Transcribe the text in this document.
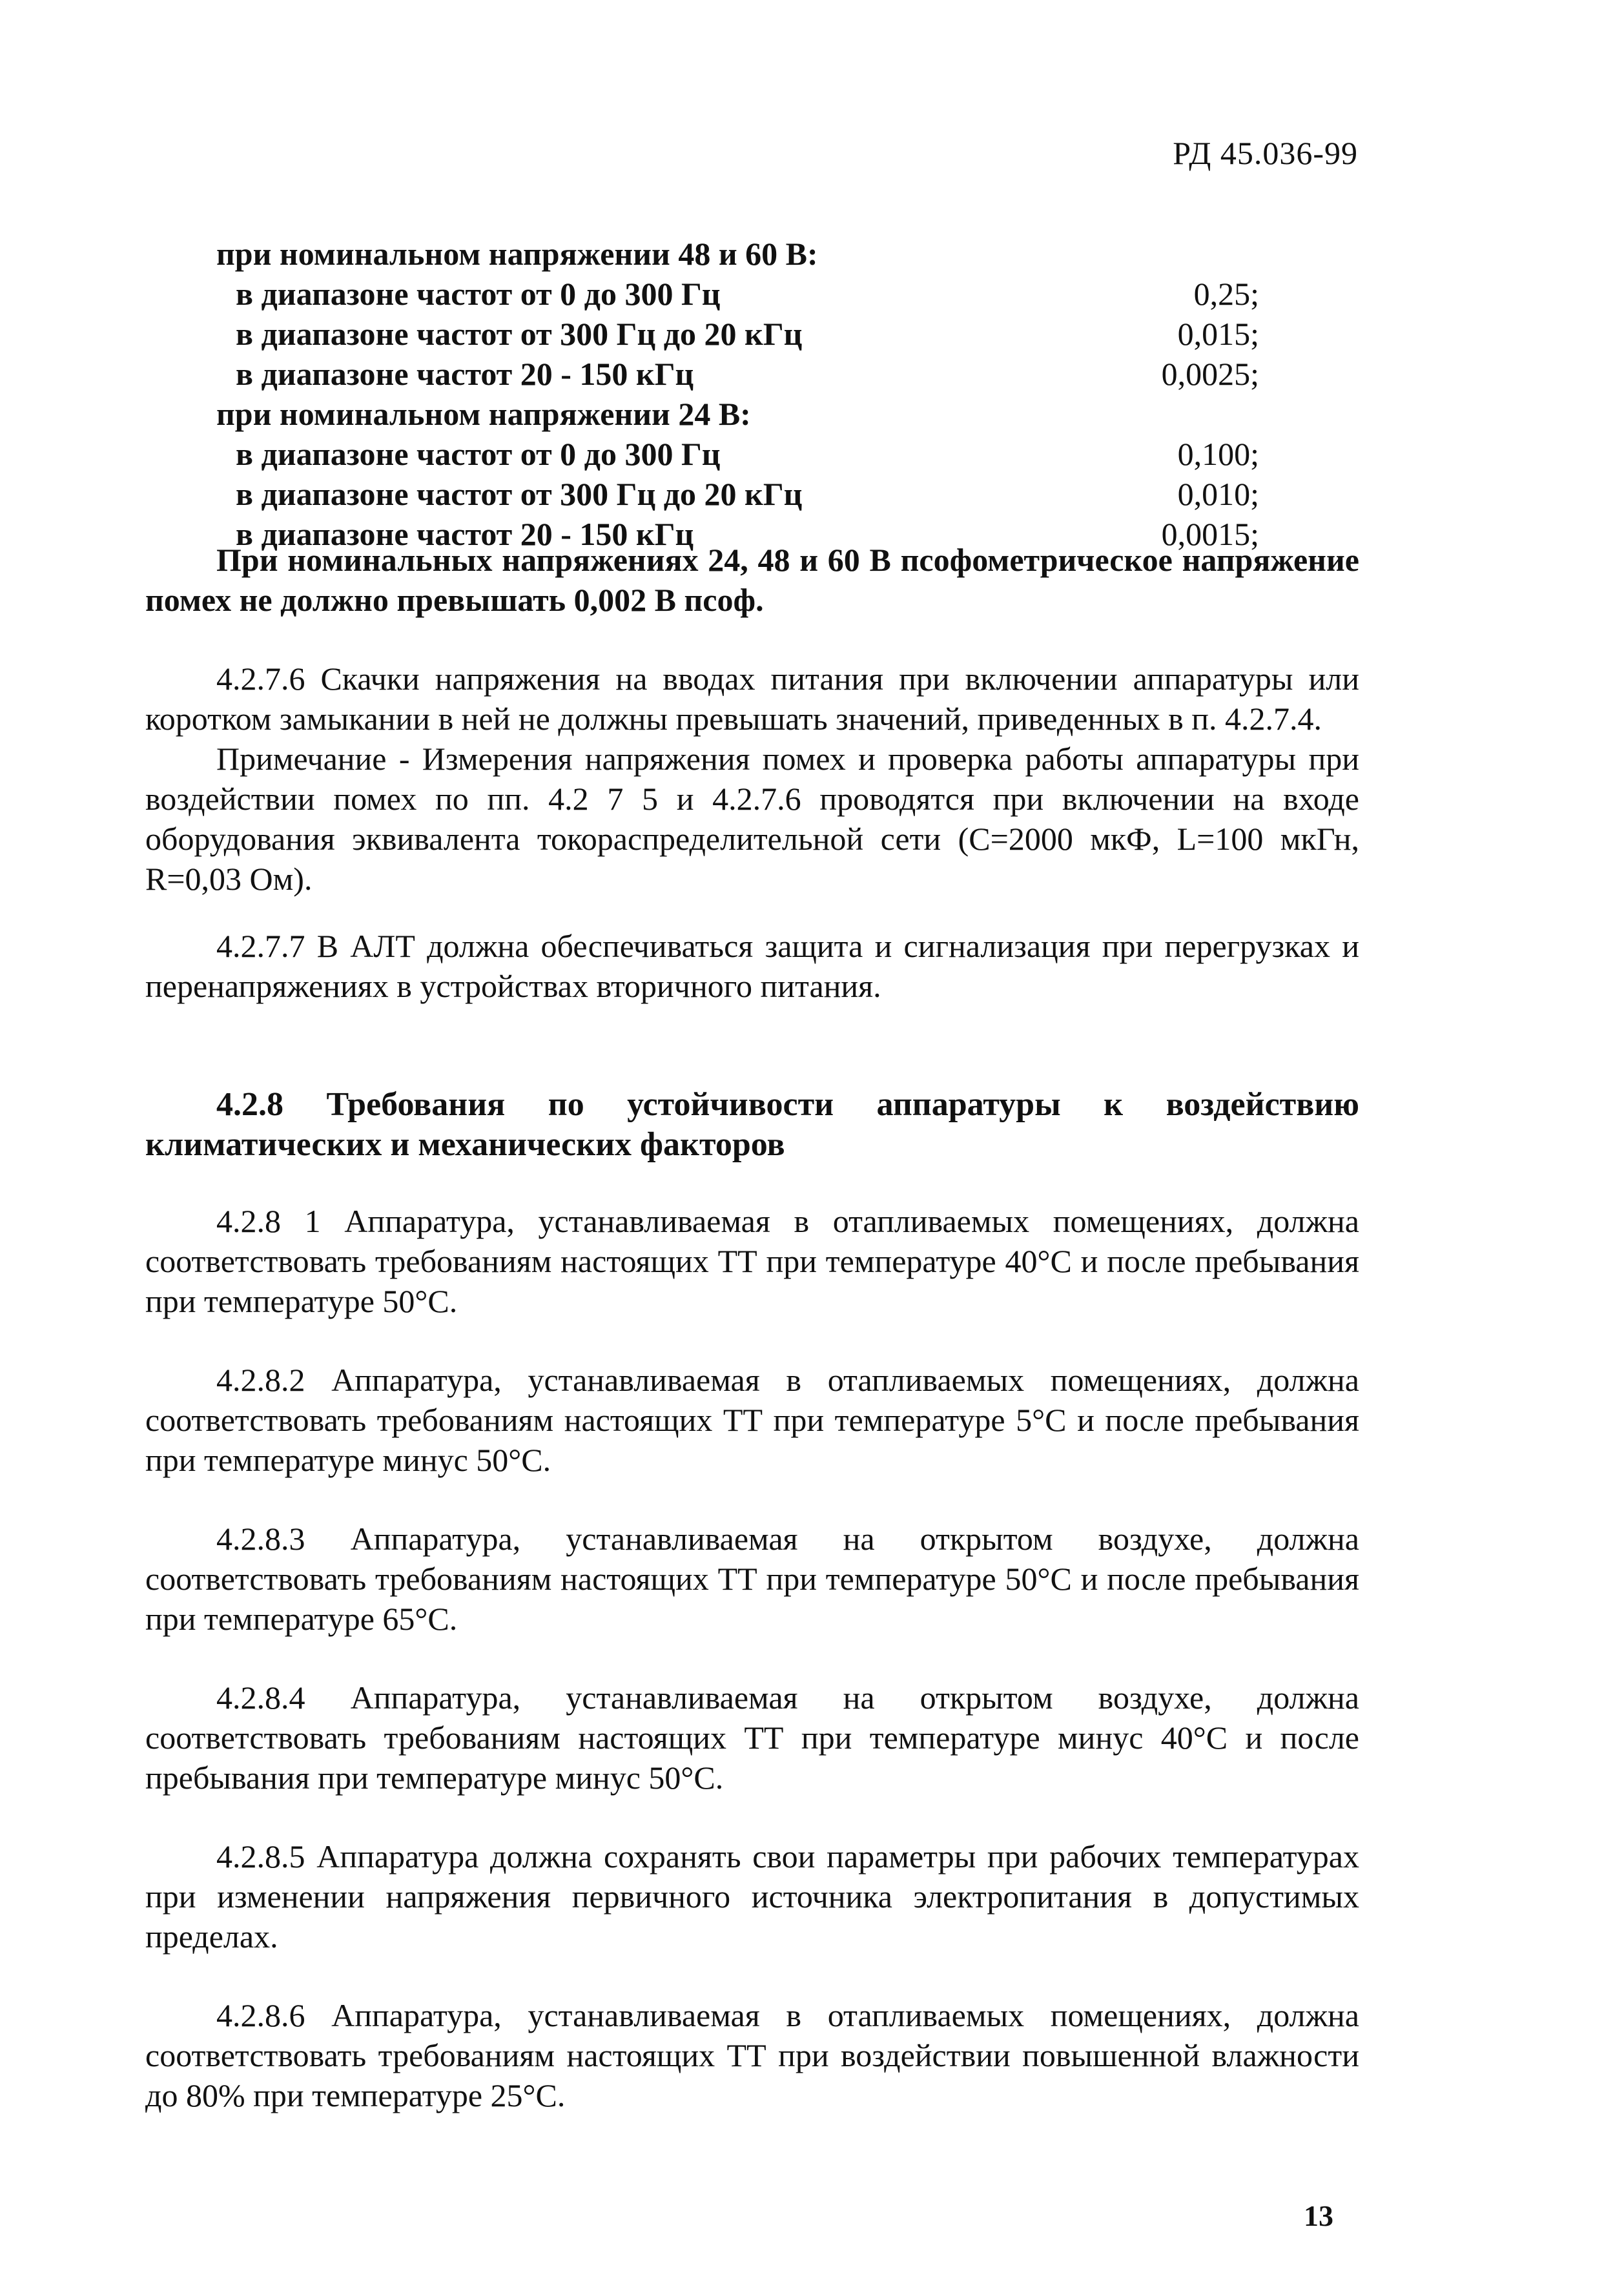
РД 45.036-99
при номинальном напряжении 48 и 60 В:
в диапазоне частот от 0 до 300 Гц	0,25;
в диапазоне частот от 300 Гц до 20 кГц	0,015;
в диапазоне частот 20 - 150 кГц	0,0025;
при номинальном напряжении 24 В:
в диапазоне частот от 0 до 300 Гц	0,100;
в диапазоне частот от 300 Гц до 20 кГц	0,010;
в диапазоне частот 20 - 150 кГц	0,0015;
При номинальных напряжениях 24, 48 и 60 В псофометрическое напряжение помех не должно превышать 0,002 В псоф.
4.2.7.6 Скачки напряжения на вводах питания при включении аппаратуры или коротком замыкании в ней не должны превышать значений, приведенных в п. 4.2.7.4.
Примечание - Измерения напряжения помех и проверка работы аппаратуры при воздействии помех по пп. 4.2 7 5 и 4.2.7.6 проводятся при включении на входе оборудования эквивалента токораспределительной сети (С=2000 мкФ, L=100 мкГн, R=0,03 Ом).
4.2.7.7 В АЛТ должна обеспечиваться защита и сигнализация при перегрузках и перенапряжениях в устройствах вторичного питания.
4.2.8 Требования по устойчивости аппаратуры к воздействию климатических и механических факторов
4.2.8 1 Аппаратура, устанавливаемая в отапливаемых помещениях, должна соответствовать требованиям настоящих ТТ при температуре 40°С и после пребывания при температуре 50°С.
4.2.8.2 Аппаратура, устанавливаемая в отапливаемых помещениях, должна соответствовать требованиям настоящих ТТ при температуре 5°С и после пребывания при температуре минус 50°С.
4.2.8.3 Аппаратура, устанавливаемая на открытом воздухе, должна соответствовать требованиям настоящих ТТ при температуре 50°С и после пребывания при температуре 65°С.
4.2.8.4 Аппаратура, устанавливаемая на открытом воздухе, должна соответствовать требованиям настоящих ТТ при температуре минус 40°С и после пребывания при температуре минус 50°С.
4.2.8.5 Аппаратура должна сохранять свои параметры при рабочих температурах при изменении напряжения первичного источника электропитания в допустимых пределах.
4.2.8.6 Аппаратура, устанавливаемая в отапливаемых помещениях, должна соответствовать требованиям настоящих ТТ при воздействии повышенной влажности до 80% при температуре 25°С.
13
